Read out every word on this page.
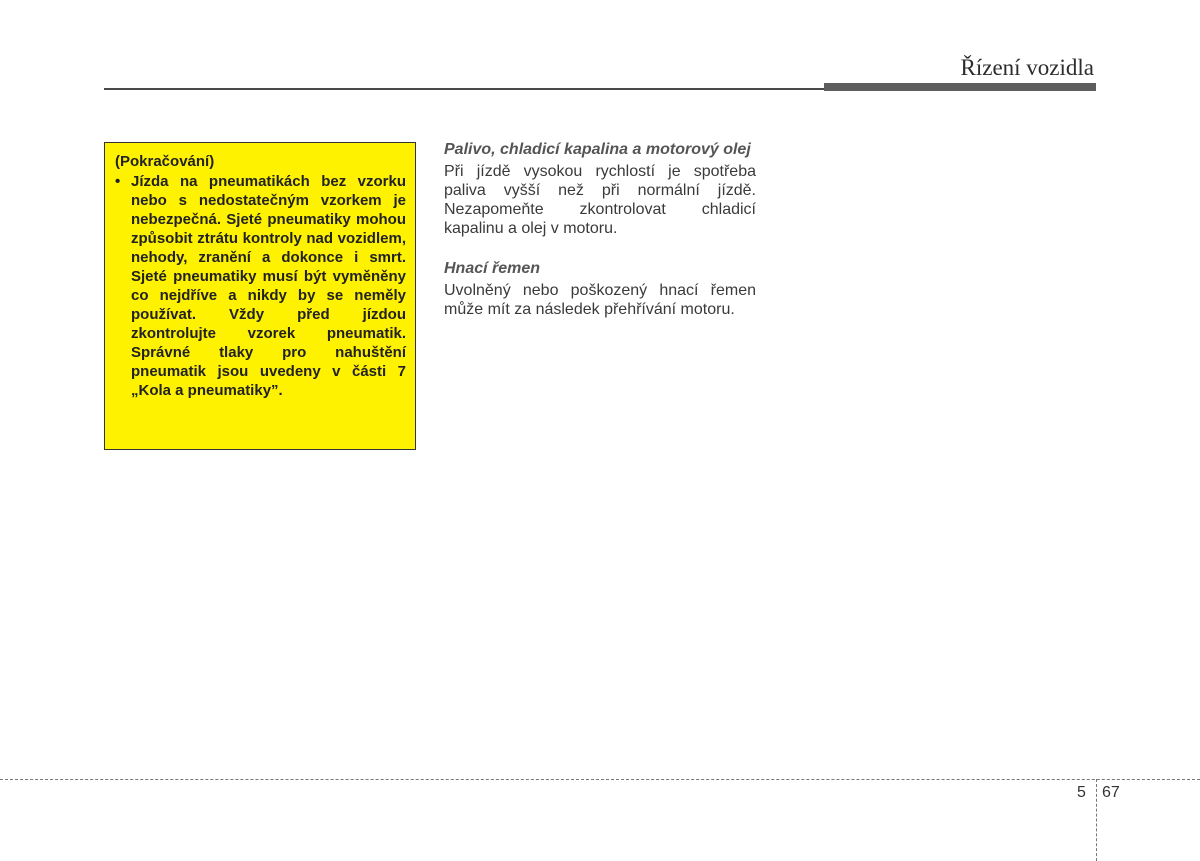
Řízení vozidla
(Pokračování)
• Jízda na pneumatikách bez vzorku nebo s nedostatečným vzorkem je nebezpečná. Sjeté pneumatiky mohou způsobit ztrátu kontroly nad vozidlem, nehody, zranění a dokonce i smrt. Sjeté pneumatiky musí být vyměněny co nejdříve a nikdy by se neměly používat. Vždy před jízdou zkontrolujte vzorek pneumatik. Správné tlaky pro nahuštění pneumatik jsou uvedeny v části 7 „Kola a pneumatiky”.

Palivo, chladicí kapalina a motorový olej

Při jízdě vysokou rychlostí je spotřeba paliva vyšší než při normální jízdě. Nezapomeňte zkontrolovat chladicí kapalinu a olej v motoru.

Hnací řemen

Uvolněný nebo poškozený hnací řemen může mít za následek přehřívání motoru.

5 67
